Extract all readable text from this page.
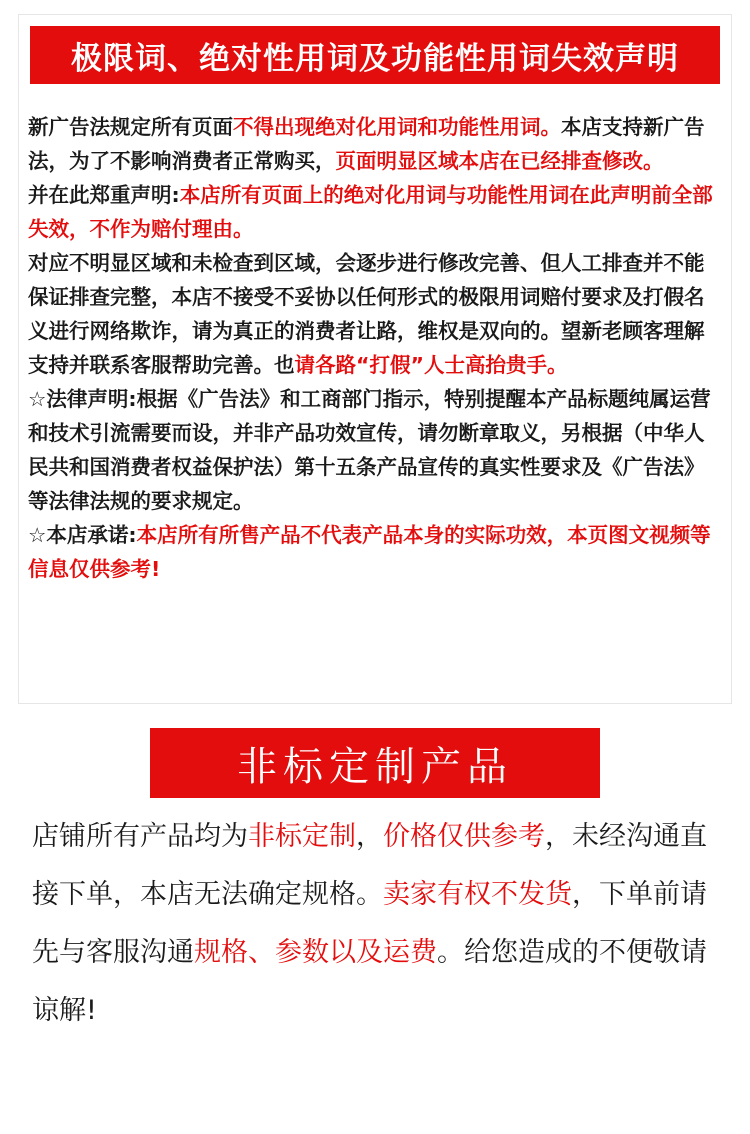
极限词、绝对性用词及功能性用词失效声明
新广告法规定所有页面不得出现绝对化用词和功能性用词。本店支持新广告法，为了不影响消费者正常购买，页面明显区域本店在已经排查修改。
并在此郑重声明:本店所有页面上的绝对化用词与功能性用词在此声明前全部失效，不作为赔付理由。
对应不明显区域和未检查到区域，会逐步进行修改完善、但人工排查并不能保证排查完整，本店不接受不妥协以任何形式的极限用词赔付要求及打假名义进行网络欺诈，请为真正的消费者让路，维权是双向的。望新老顾客理解支持并联系客服帮助完善。也请各路“打假”人士高抬贵手。
☆法律声明:根据《广告法》和工商部门指示，特别提醒本产品标题纯属运营和技术引流需要而设，并非产品功效宣传，请勿断章取义，另根据（中华人民共和国消费者权益保护法）第十五条产品宣传的真实性要求及《广告法》等法律法规的要求规定。
☆本店承诺:本店所有所售产品不代表产品本身的实际功效，本页图文视频等信息仅供参考!
非标定制产品

店铺所有产品均为非标定制，价格仅供参考，未经沟通直接下单，本店无法确定规格。卖家有权不发货，下单前请先与客服沟通规格、参数以及运费。给您造成的不便敬请谅解!
